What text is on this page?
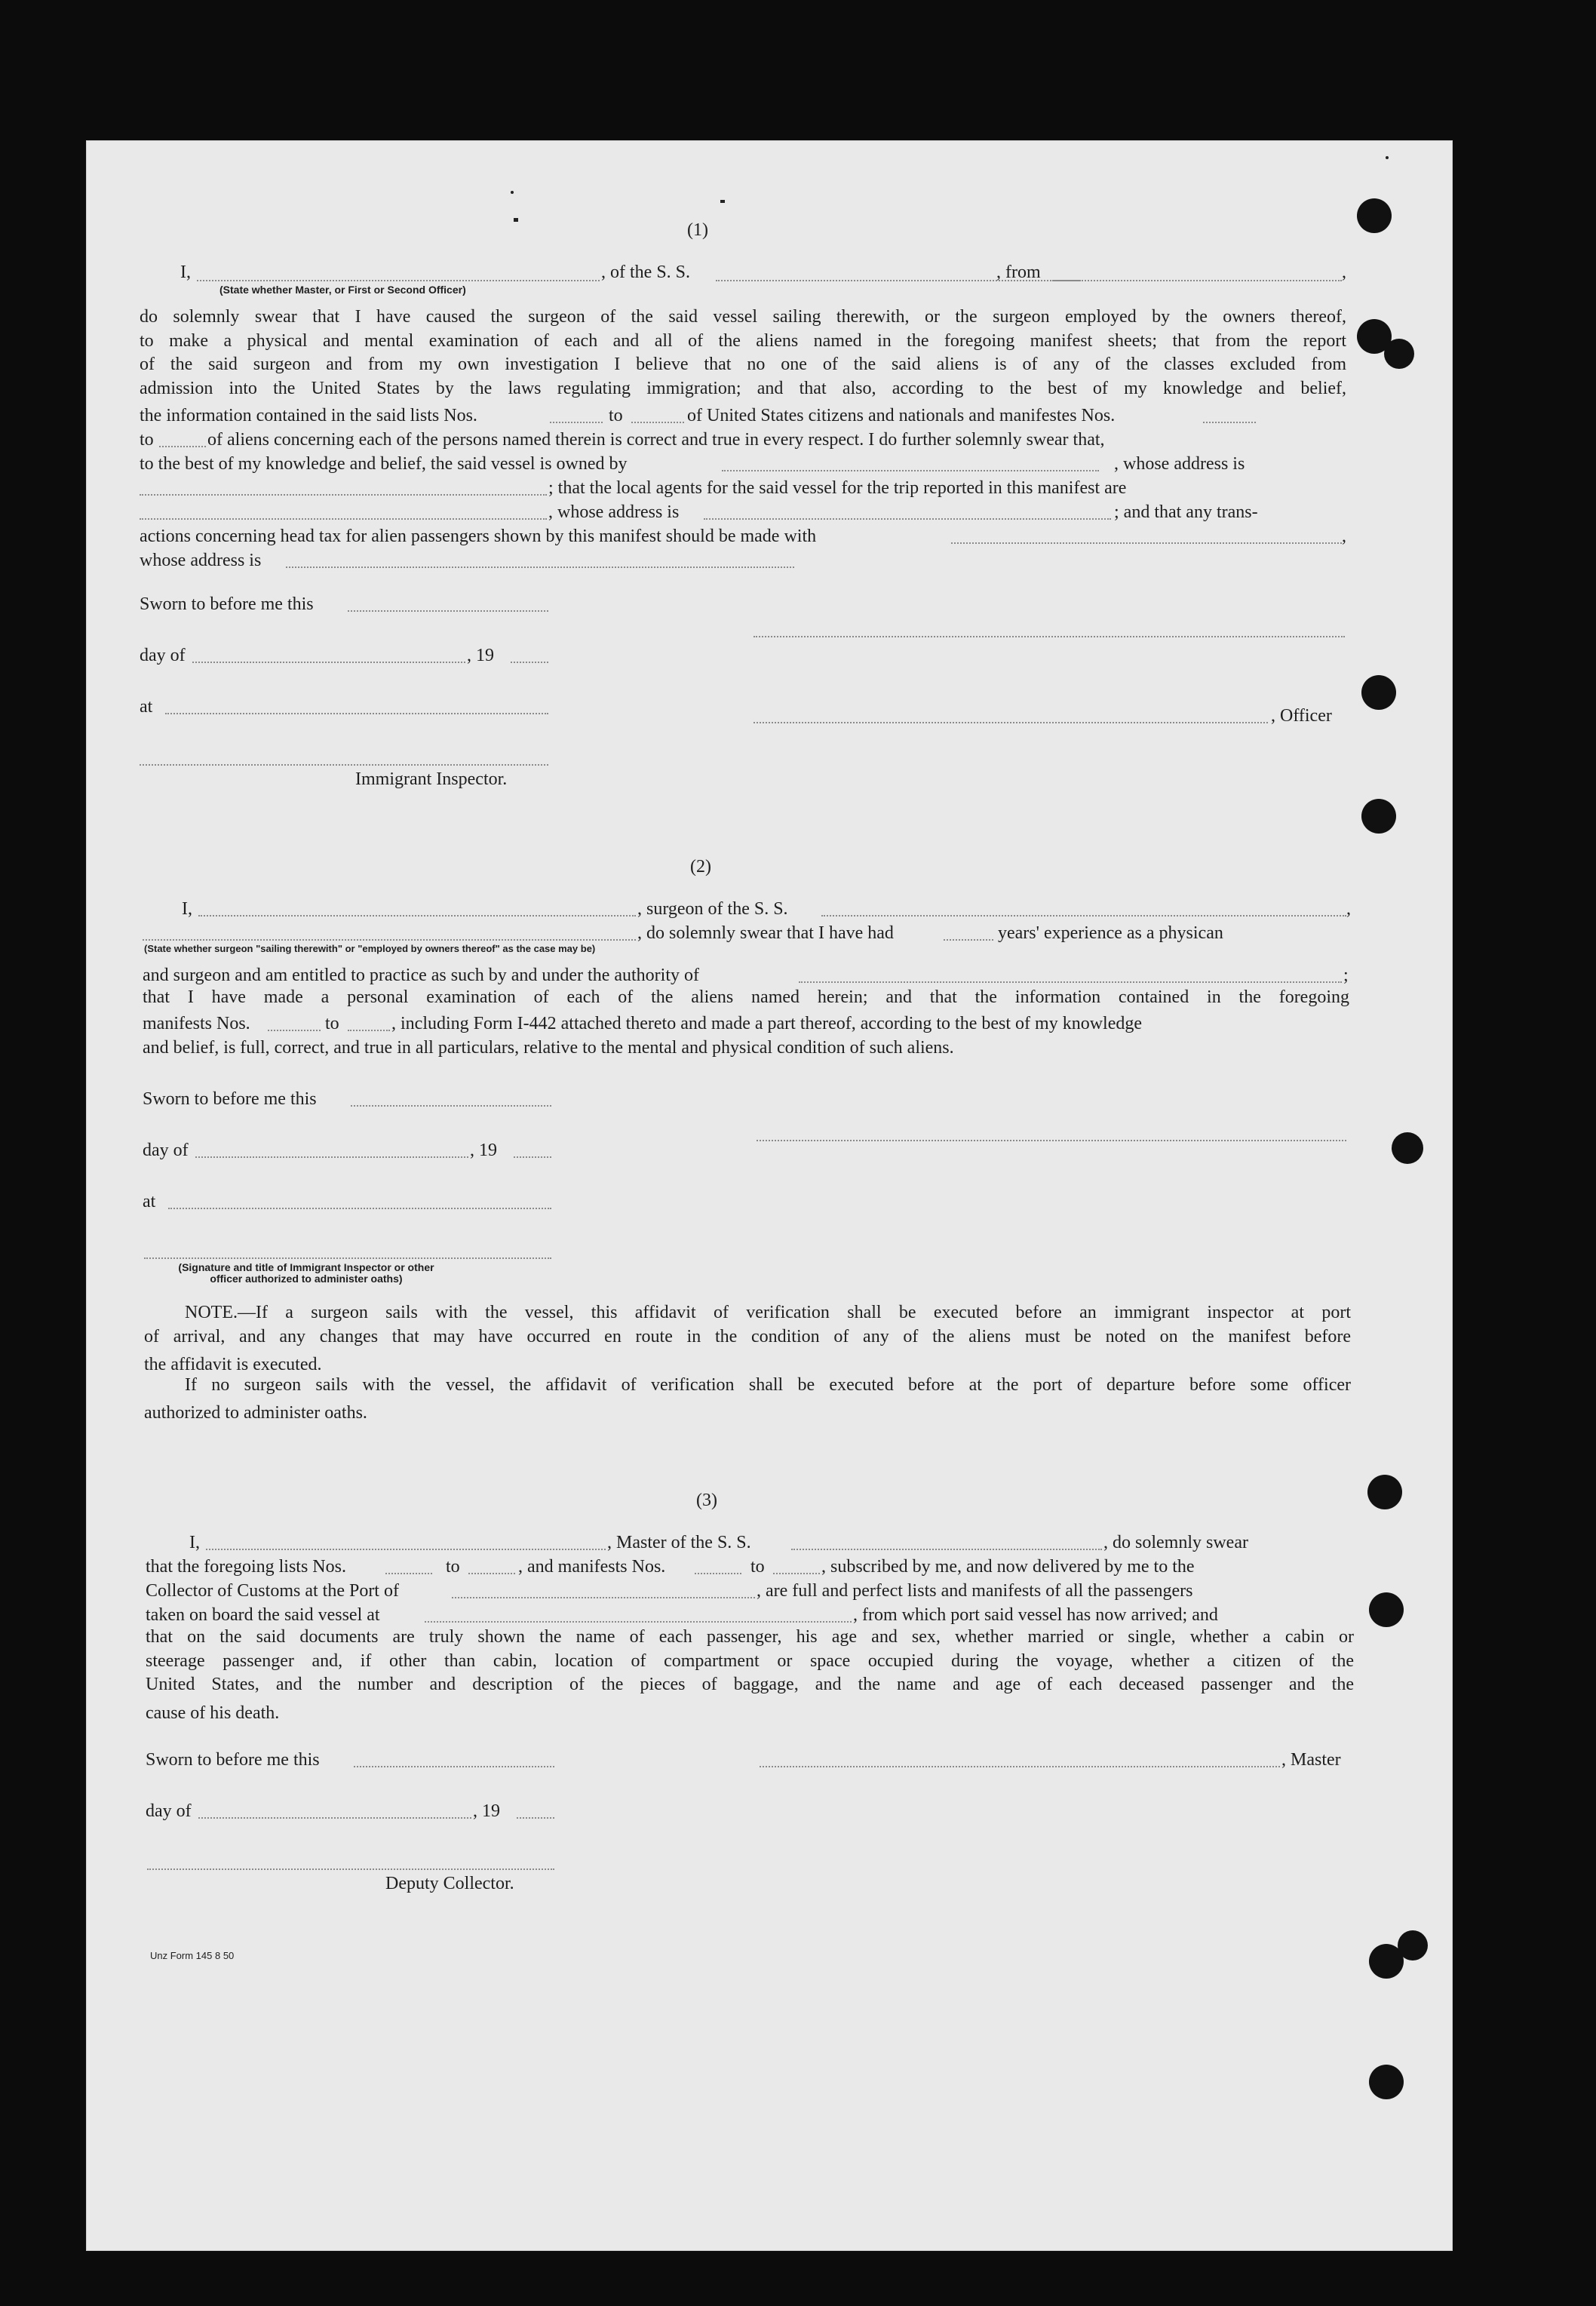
(1)
I,
(State whether Master, or First or Second Officer)
, of the S. S.	, from	,
do solemnly swear that I have caused the surgeon of the said vessel sailing therewith, or the surgeon employed by the owners thereof,
to make a physical and mental examination of each and all of the aliens named in the foregoing manifest sheets; that from the report
of the said surgeon and from my own investigation I believe that no one of the said aliens is of any of the classes excluded from
admission into the United States by the laws regulating immigration; and that also, according to the best of my knowledge and belief,
the information contained in the said lists Nos.	to	of United States citizens and nationals and manifestes Nos.
to	of aliens concerning each of the persons named therein is correct and true in every respect. I do further solemnly swear that,
to the best of my knowledge and belief, the said vessel is owned by	, whose address is
; that the local agents for the said vessel for the trip reported in this manifest are
, whose address is	; and that any trans-
actions concerning head tax for alien passengers shown by this manifest should be made with	,
whose address is
Sworn to before me this
day of	, 19
at	, Officer
Immigrant Inspector.
(2)
I,	, surgeon of the S. S.	,
, do solemnly swear that I have had	years' experience as a physican
(State whether surgeon "sailing therewith" or "employed by owners thereof" as the case may be)
and surgeon and am entitled to practice as such by and under the authority of	;
that I have made a personal examination of each of the aliens named herein; and that the information contained in the foregoing
manifests Nos.	to	, including Form I-442 attached thereto and made a part thereof, according to the best of my knowledge
and belief, is full, correct, and true in all particulars, relative to the mental and physical condition of such aliens.
Sworn to before me this
day of	, 19
at
(Signature and title of Immigrant Inspector or other
officer authorized to administer oaths)
NOTE.—If a surgeon sails with the vessel, this affidavit of verification shall be executed before an immigrant inspector at port
of arrival, and any changes that may have occurred en route in the condition of any of the aliens must be noted on the manifest before
the affidavit is executed.
If no surgeon sails with the vessel, the affidavit of verification shall be executed before at the port of departure before some officer
authorized to administer oaths.
(3)
I,	, Master of the S. S.	, do solemnly swear
that the foregoing lists Nos.	to	, and manifests Nos.	to	, subscribed by me, and now delivered by me to the
Collector of Customs at the Port of	, are full and perfect lists and manifests of all the passengers
taken on board the said vessel at	, from which port said vessel has now arrived; and
that on the said documents are truly shown the name of each passenger, his age and sex, whether married or single, whether a cabin or
steerage passenger and, if other than cabin, location of compartment or space occupied during the voyage, whether a citizen of the
United States, and the number and description of the pieces of baggage, and the name and age of each deceased passenger and the
cause of his death.
Sworn to before me this	, Master
day of	, 19
Deputy Collector.
Unz Form 145 8 50
